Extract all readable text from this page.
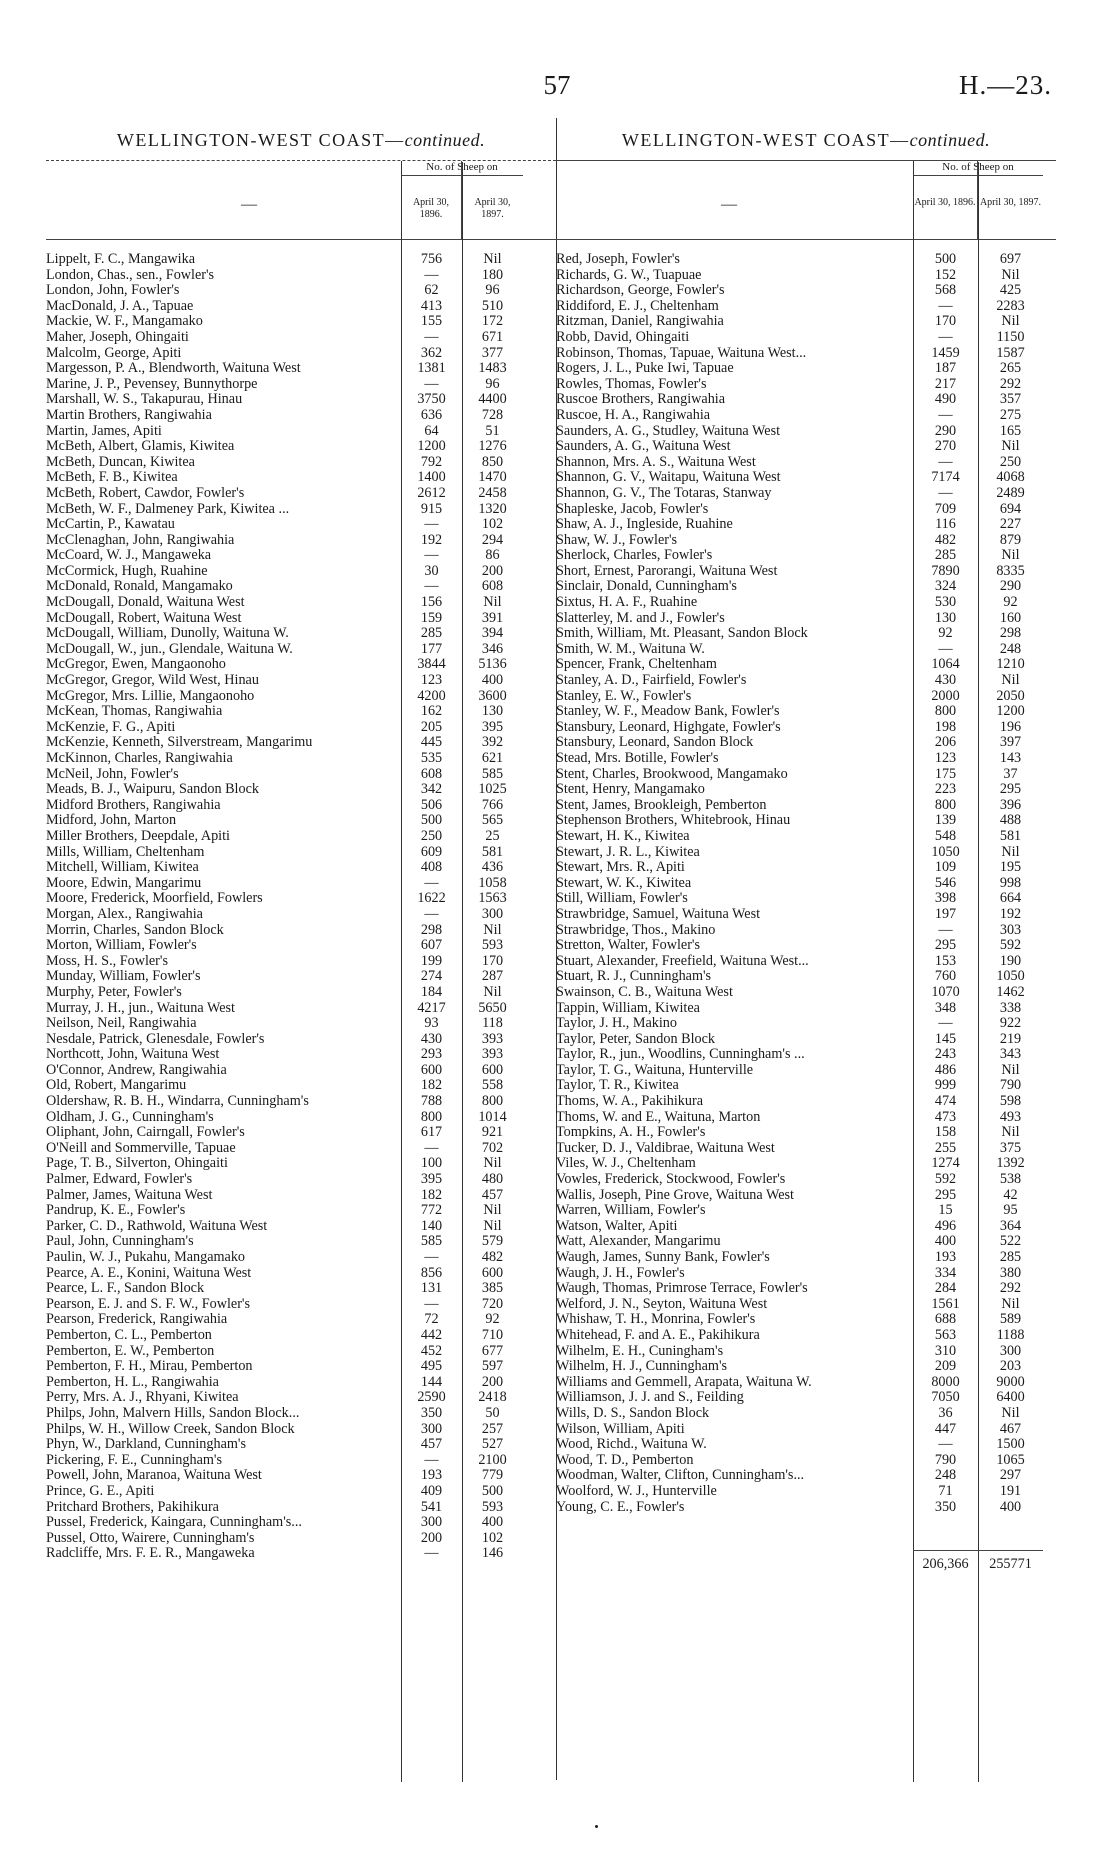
57	H.—23.
WELLINGTON-WEST COAST—continued.
—
No. of Sheep on
April 30, 1896.
April 30, 1897.
Lippelt, F. C., Mangawika	756	Nil
London, Chas., sen., Fowler's	—	180
London, John, Fowler's	62	96
MacDonald, J. A., Tapuae	413	510
Mackie, W. F., Mangamako	155	172
Maher, Joseph, Ohingaiti	—	671
Malcolm, George, Apiti	362	377
Margesson, P. A., Blendworth, Waituna West	1381	1483
Marine, J. P., Pevensey, Bunnythorpe	—	96
Marshall, W. S., Takapurau, Hinau	3750	4400
Martin Brothers, Rangiwahia	636	728
Martin, James, Apiti	64	51
McBeth, Albert, Glamis, Kiwitea	1200	1276
McBeth, Duncan, Kiwitea	792	850
McBeth, F. B., Kiwitea	1400	1470
McBeth, Robert, Cawdor, Fowler's	2612	2458
McBeth, W. F., Dalmeney Park, Kiwitea ...	915	1320
McCartin, P., Kawatau	—	102
McClenaghan, John, Rangiwahia	192	294
McCoard, W. J., Mangaweka	—	86
McCormick, Hugh, Ruahine	30	200
McDonald, Ronald, Mangamako	—	608
McDougall, Donald, Waituna West	156	Nil
McDougall, Robert, Waituna West	159	391
McDougall, William, Dunolly, Waituna W.	285	394
McDougall, W., jun., Glendale, Waituna W.	177	346
McGregor, Ewen, Mangaonoho	3844	5136
McGregor, Gregor, Wild West, Hinau	123	400
McGregor, Mrs. Lillie, Mangaonoho	4200	3600
McKean, Thomas, Rangiwahia	162	130
McKenzie, F. G., Apiti	205	395
McKenzie, Kenneth, Silverstream, Mangarimu	445	392
McKinnon, Charles, Rangiwahia	535	621
McNeil, John, Fowler's	608	585
Meads, B. J., Waipuru, Sandon Block	342	1025
Midford Brothers, Rangiwahia	506	766
Midford, John, Marton	500	565
Miller Brothers, Deepdale, Apiti	250	25
Mills, William, Cheltenham	609	581
Mitchell, William, Kiwitea	408	436
Moore, Edwin, Mangarimu	—	1058
Moore, Frederick, Moorfield, Fowlers	1622	1563
Morgan, Alex., Rangiwahia	—	300
Morrin, Charles, Sandon Block	298	Nil
Morton, William, Fowler's	607	593
Moss, H. S., Fowler's	199	170
Munday, William, Fowler's	274	287
Murphy, Peter, Fowler's	184	Nil
Murray, J. H., jun., Waituna West	4217	5650
Neilson, Neil, Rangiwahia	93	118
Nesdale, Patrick, Glenesdale, Fowler's	430	393
Northcott, John, Waituna West	293	393
O'Connor, Andrew, Rangiwahia	600	600
Old, Robert, Mangarimu	182	558
Oldershaw, R. B. H., Windarra, Cunningham's	788	800
Oldham, J. G., Cunningham's	800	1014
Oliphant, John, Cairngall, Fowler's	617	921
O'Neill and Sommerville, Tapuae	—	702
Page, T. B., Silverton, Ohingaiti	100	Nil
Palmer, Edward, Fowler's	395	480
Palmer, James, Waituna West	182	457
Pandrup, K. E., Fowler's	772	Nil
Parker, C. D., Rathwold, Waituna West	140	Nil
Paul, John, Cunningham's	585	579
Paulin, W. J., Pukahu, Mangamako	—	482
Pearce, A. E., Konini, Waituna West	856	600
Pearce, L. F., Sandon Block	131	385
Pearson, E. J. and S. F. W., Fowler's	—	720
Pearson, Frederick, Rangiwahia	72	92
Pemberton, C. L., Pemberton	442	710
Pemberton, E. W., Pemberton	452	677
Pemberton, F. H., Mirau, Pemberton	495	597
Pemberton, H. L., Rangiwahia	144	200
Perry, Mrs. A. J., Rhyani, Kiwitea	2590	2418
Philps, John, Malvern Hills, Sandon Block...	350	50
Philps, W. H., Willow Creek, Sandon Block	300	257
Phyn, W., Darkland, Cunningham's	457	527
Pickering, F. E., Cunningham's	—	2100
Powell, John, Maranoa, Waituna West	193	779
Prince, G. E., Apiti	409	500
Pritchard Brothers, Pakihikura	541	593
Pussel, Frederick, Kaingara, Cunningham's...	300	400
Pussel, Otto, Wairere, Cunningham's	200	102
Radcliffe, Mrs. F. E. R., Mangaweka	—	146
WELLINGTON-WEST COAST—continued.
—
No. of Sheep on
April 30, 1896. April 30, 1897.
Red, Joseph, Fowler's	500	697
Richards, G. W., Tuapuae	152	Nil
Richardson, George, Fowler's	568	425
Riddiford, E. J., Cheltenham	—	2283
Ritzman, Daniel, Rangiwahia	170	Nil
Robb, David, Ohingaiti	—	1150
Robinson, Thomas, Tapuae, Waituna West...	1459	1587
Rogers, J. L., Puke Iwi, Tapuae	187	265
Rowles, Thomas, Fowler's	217	292
Ruscoe Brothers, Rangiwahia	490	357
Ruscoe, H. A., Rangiwahia	—	275
Saunders, A. G., Studley, Waituna West	290	165
Saunders, A. G., Waituna West	270	Nil
Shannon, Mrs. A. S., Waituna West	—	250
Shannon, G. V., Waitapu, Waituna West	7174	4068
Shannon, G. V., The Totaras, Stanway	—	2489
Shapleske, Jacob, Fowler's	709	694
Shaw, A. J., Ingleside, Ruahine	116	227
Shaw, W. J., Fowler's	482	879
Sherlock, Charles, Fowler's	285	Nil
Short, Ernest, Parorangi, Waituna West	7890	8335
Sinclair, Donald, Cunningham's	324	290
Sixtus, H. A. F., Ruahine	530	92
Slatterley, M. and J., Fowler's	130	160
Smith, William, Mt. Pleasant, Sandon Block	92	298
Smith, W. M., Waituna W.	—	248
Spencer, Frank, Cheltenham	1064	1210
Stanley, A. D., Fairfield, Fowler's	430	Nil
Stanley, E. W., Fowler's	2000	2050
Stanley, W. F., Meadow Bank, Fowler's	800	1200
Stansbury, Leonard, Highgate, Fowler's	198	196
Stansbury, Leonard, Sandon Block	206	397
Stead, Mrs. Botille, Fowler's	123	143
Stent, Charles, Brookwood, Mangamako	175	37
Stent, Henry, Mangamako	223	295
Stent, James, Brookleigh, Pemberton	800	396
Stephenson Brothers, Whitebrook, Hinau	139	488
Stewart, H. K., Kiwitea	548	581
Stewart, J. R. L., Kiwitea	1050	Nil
Stewart, Mrs. R., Apiti	109	195
Stewart, W. K., Kiwitea	546	998
Still, William, Fowler's	398	664
Strawbridge, Samuel, Waituna West	197	192
Strawbridge, Thos., Makino	—	303
Stretton, Walter, Fowler's	295	592
Stuart, Alexander, Freefield, Waituna West...	153	190
Stuart, R. J., Cunningham's	760	1050
Swainson, C. B., Waituna West	1070	1462
Tappin, William, Kiwitea	348	338
Taylor, J. H., Makino	—	922
Taylor, Peter, Sandon Block	145	219
Taylor, R., jun., Woodlins, Cunningham's ...	243	343
Taylor, T. G., Waituna, Hunterville	486	Nil
Taylor, T. R., Kiwitea	999	790
Thoms, W. A., Pakihikura	474	598
Thoms, W. and E., Waituna, Marton	473	493
Tompkins, A. H., Fowler's	158	Nil
Tucker, D. J., Valdibrae, Waituna West	255	375
Viles, W. J., Cheltenham	1274	1392
Vowles, Frederick, Stockwood, Fowler's	592	538
Wallis, Joseph, Pine Grove, Waituna West	295	42
Warren, William, Fowler's	15	95
Watson, Walter, Apiti	496	364
Watt, Alexander, Mangarimu	400	522
Waugh, James, Sunny Bank, Fowler's	193	285
Waugh, J. H., Fowler's	334	380
Waugh, Thomas, Primrose Terrace, Fowler's	284	292
Welford, J. N., Seyton, Waituna West	1561	Nil
Whishaw, T. H., Monrina, Fowler's	688	589
Whitehead, F. and A. E., Pakihikura	563	1188
Wilhelm, E. H., Cuningham's	310	300
Wilhelm, H. J., Cunningham's	209	203
Williams and Gemmell, Arapata, Waituna W.	8000	9000
Williamson, J. J. and S., Feilding	7050	6400
Wills, D. S., Sandon Block	36	Nil
Wilson, William, Apiti	447	467
Wood, Richd., Waituna W.	—	1500
Wood, T. D., Pemberton	790	1065
Woodman, Walter, Clifton, Cunningham's...	248	297
Woolford, W. J., Hunterville	71	191
Young, C. E., Fowler's	350	400
206,366	255771
